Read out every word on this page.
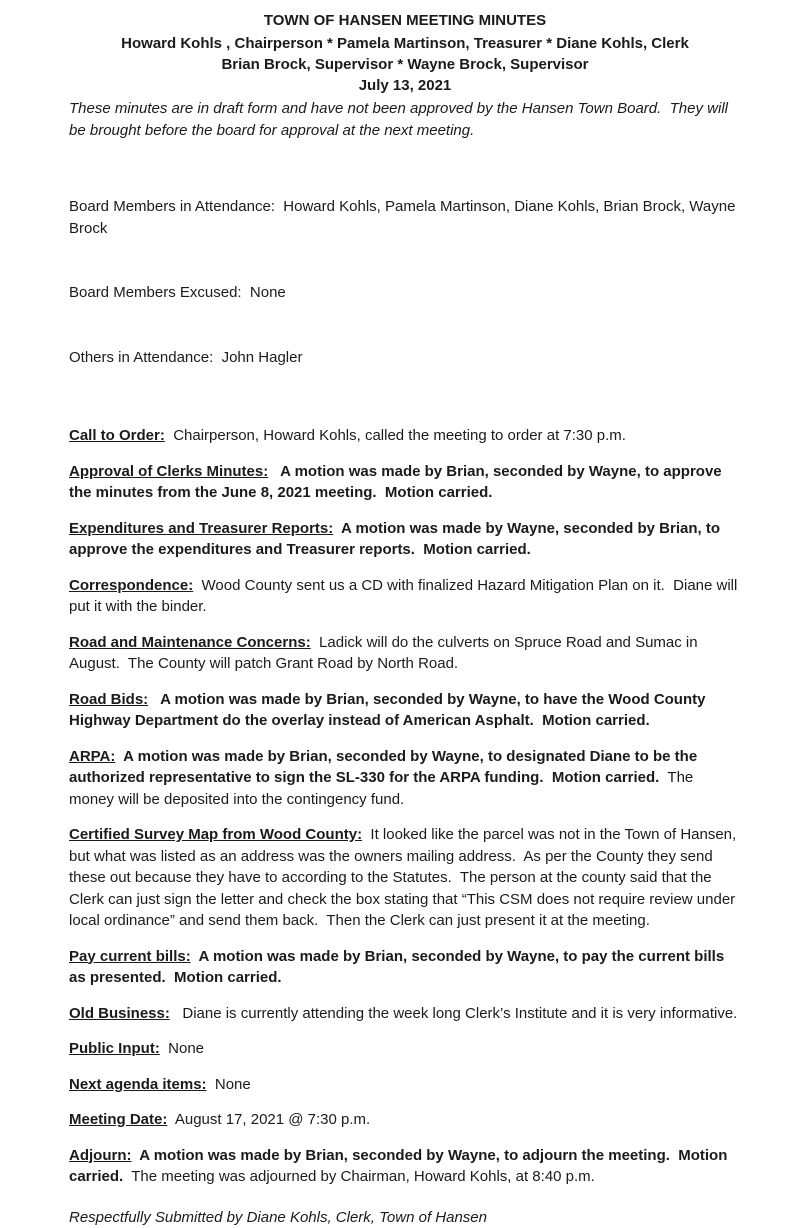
TOWN OF HANSEN MEETING MINUTES
Howard Kohls , Chairperson * Pamela Martinson, Treasurer * Diane Kohls, Clerk
Brian Brock, Supervisor * Wayne Brock, Supervisor
July 13, 2021
These minutes are in draft form and have not been approved by the Hansen Town Board.  They will be brought before the board for approval at the next meeting.

Board Members in Attendance:  Howard Kohls, Pamela Martinson, Diane Kohls, Brian Brock, Wayne Brock

Board Members Excused:  None

Others in Attendance:  John Hagler

Call to Order:  Chairperson, Howard Kohls, called the meeting to order at 7:30 p.m.
Approval of Clerks Minutes:   A motion was made by Brian, seconded by Wayne, to approve the minutes from the June 8, 2021 meeting.  Motion carried.
Expenditures and Treasurer Reports:  A motion was made by Wayne, seconded by Brian, to approve the expenditures and Treasurer reports.  Motion carried.
Correspondence:  Wood County sent us a CD with finalized Hazard Mitigation Plan on it.  Diane will put it with the binder.
Road and Maintenance Concerns:  Ladick will do the culverts on Spruce Road and Sumac in August.  The County will patch Grant Road by North Road.
Road Bids:   A motion was made by Brian, seconded by Wayne, to have the Wood County Highway Department do the overlay instead of American Asphalt.  Motion carried.
ARPA:  A motion was made by Brian, seconded by Wayne, to designated Diane to be the authorized representative to sign the SL-330 for the ARPA funding.  Motion carried.  The money will be deposited into the contingency fund.
Certified Survey Map from Wood County:  It looked like the parcel was not in the Town of Hansen, but what was listed as an address was the owners mailing address.  As per the County they send these out because they have to according to the Statutes.  The person at the county said that the Clerk can just sign the letter and check the box stating that “This CSM does not require review under local ordinance” and send them back.  Then the Clerk can just present it at the meeting.
Pay current bills:  A motion was made by Brian, seconded by Wayne, to pay the current bills as presented.  Motion carried.
Old Business:   Diane is currently attending the week long Clerk’s Institute and it is very informative.
Public Input:  None
Next agenda items:  None
Meeting Date:  August 17, 2021 @ 7:30 p.m.
Adjourn:  A motion was made by Brian, seconded by Wayne, to adjourn the meeting.  Motion carried.  The meeting was adjourned by Chairman, Howard Kohls, at 8:40 p.m.
Respectfully Submitted by Diane Kohls, Clerk, Town of Hansen
